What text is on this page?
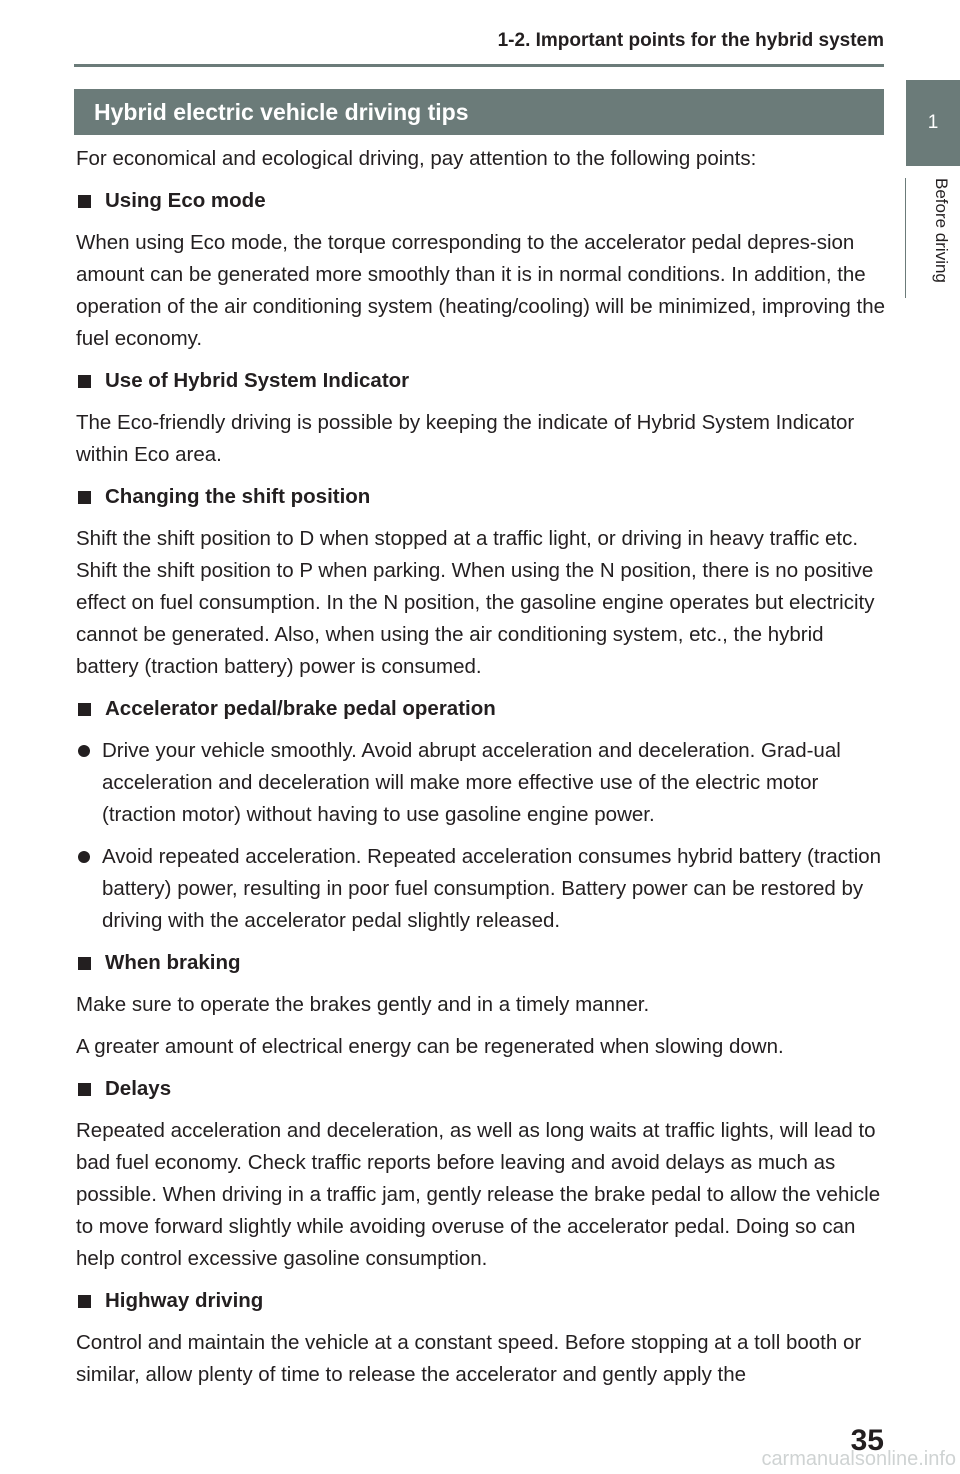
1-2. Important points for the hybrid system
1
Before driving
Hybrid electric vehicle driving tips

For economical and ecological driving, pay attention to the following points:

Using Eco mode

When using Eco mode, the torque corresponding to the accelerator pedal depres-sion amount can be generated more smoothly than it is in normal conditions. In addition, the operation of the air conditioning system (heating/cooling) will be minimized, improving the fuel economy.

Use of Hybrid System Indicator

The Eco-friendly driving is possible by keeping the indicate of Hybrid System Indicator within Eco area.

Changing the shift position

Shift the shift position to D when stopped at a traffic light, or driving in heavy traffic etc. Shift the shift position to P when parking. When using the N position, there is no positive effect on fuel consumption. In the N position, the gasoline engine operates but electricity cannot be generated. Also, when using the air conditioning system, etc., the hybrid battery (traction battery) power is consumed.

Accelerator pedal/brake pedal operation
Drive your vehicle smoothly. Avoid abrupt acceleration and deceleration. Grad-ual acceleration and deceleration will make more effective use of the electric motor (traction motor) without having to use gasoline engine power.
Avoid repeated acceleration. Repeated acceleration consumes hybrid battery (traction battery) power, resulting in poor fuel consumption. Battery power can be restored by driving with the accelerator pedal slightly released.
When braking

Make sure to operate the brakes gently and in a timely manner.

A greater amount of electrical energy can be regenerated when slowing down.

Delays

Repeated acceleration and deceleration, as well as long waits at traffic lights, will lead to bad fuel economy. Check traffic reports before leaving and avoid delays as much as possible. When driving in a traffic jam, gently release the brake pedal to allow the vehicle to move forward slightly while avoiding overuse of the accelerator pedal. Doing so can help control excessive gasoline consumption.

Highway driving

Control and maintain the vehicle at a constant speed. Before stopping at a toll booth or similar, allow plenty of time to release the accelerator and gently apply the

35
carmanualsonline.info
